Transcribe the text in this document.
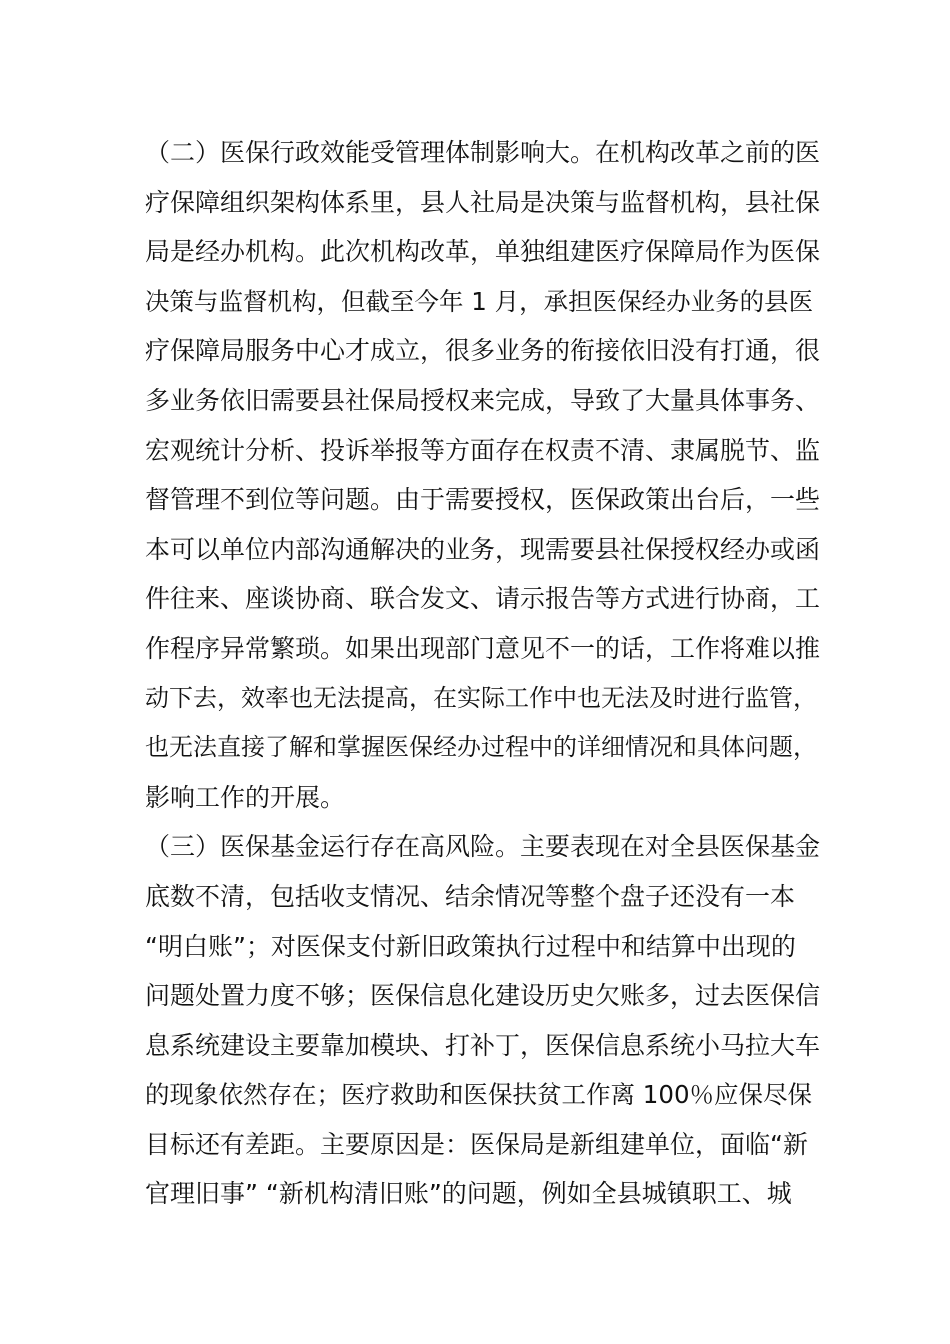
（二）医保行政效能受管理体制影响大。在机构改革之前的医
疗保障组织架构体系里，县人社局是决策与监督机构，县社保
局是经办机构。此次机构改革，单独组建医疗保障局作为医保
决策与监督机构，但截至今年 1 月，承担医保经办业务的县医
疗保障局服务中心才成立，很多业务的衔接依旧没有打通，很
多业务依旧需要县社保局授权来完成，导致了大量具体事务、
宏观统计分析、投诉举报等方面存在权责不清、隶属脱节、监
督管理不到位等问题。由于需要授权，医保政策出台后，一些
本可以单位内部沟通解决的业务，现需要县社保授权经办或函
件往来、座谈协商、联合发文、请示报告等方式进行协商，工
作程序异常繁琐。如果出现部门意见不一的话，工作将难以推
动下去，效率也无法提高，在实际工作中也无法及时进行监管，
也无法直接了解和掌握医保经办过程中的详细情况和具体问题，
影响工作的开展。
（三）医保基金运行存在高风险。主要表现在对全县医保基金
底数不清，包括收支情况、结余情况等整个盘子还没有一本
“明白账”；对医保支付新旧政策执行过程中和结算中出现的
问题处置力度不够；医保信息化建设历史欠账多，过去医保信
息系统建设主要靠加模块、打补丁，医保信息系统小马拉大车
的现象依然存在；医疗救助和医保扶贫工作离 100％应保尽保
目标还有差距。主要原因是：医保局是新组建单位，面临“新
官理旧事” “新机构清旧账”的问题，例如全县城镇职工、城
